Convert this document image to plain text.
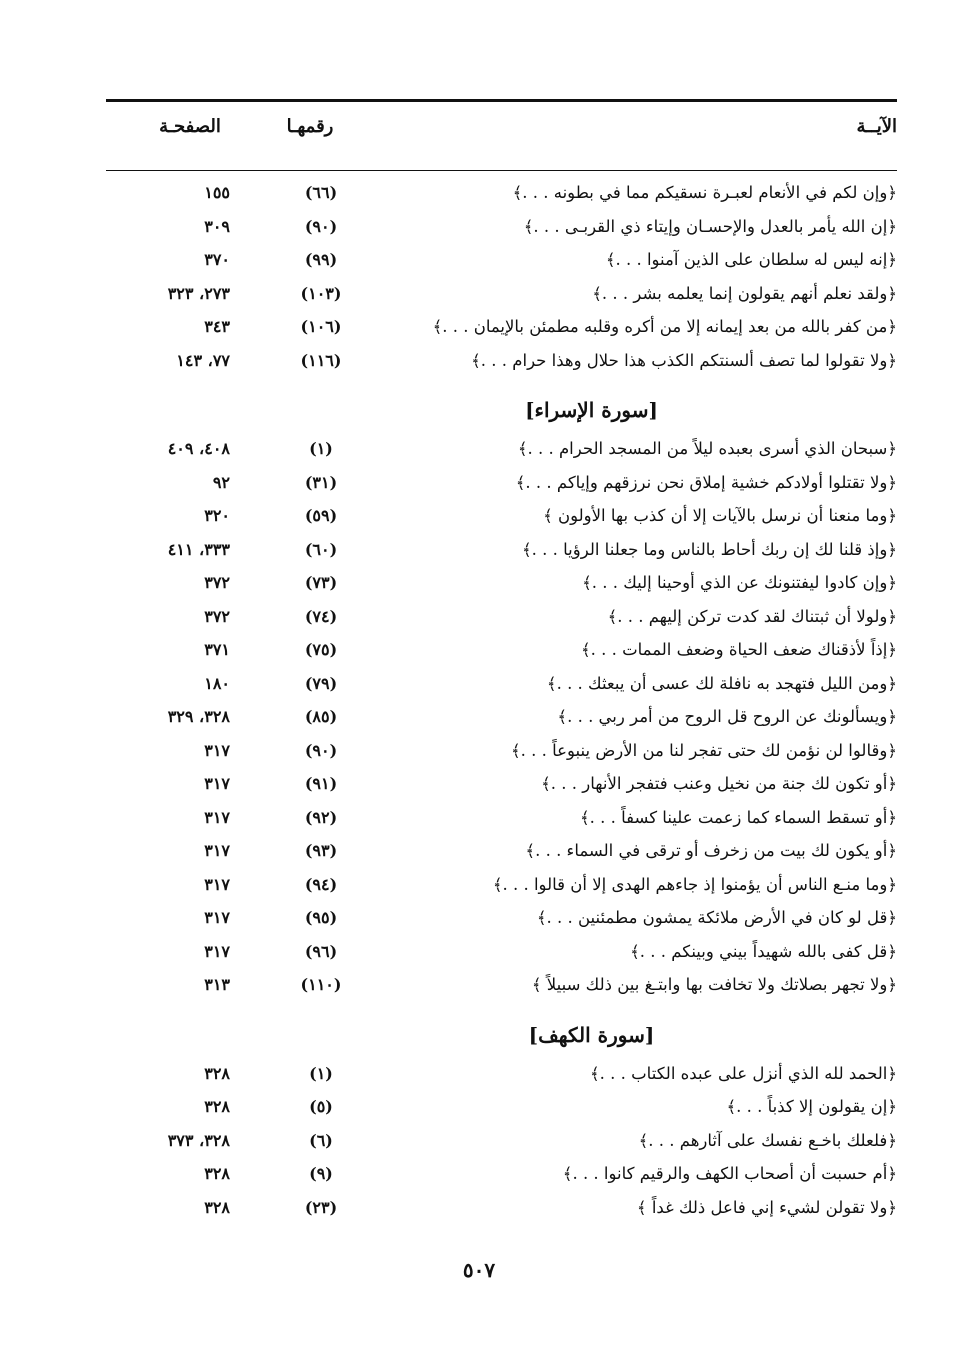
الآيــة
رقمهـا
الصفحـة
﴿وإن لكم في الأنعام لعبـرة نسقيكم مما في بطونه . . .﴾
(٦٦)
١٥٥
﴿إن الله يأمر بالعدل والإحسـان وإيتاء ذي القربـى . . .﴾
(٩٠)
٣٠٩
﴿إنه ليس له سلطان على الذين آمنوا . . .﴾
(٩٩)
٣٧٠
﴿ولقد نعلم أنهم يقولون إنما يعلمه بشر . . .﴾
(١٠٣)
٢٧٣، ٣٢٣
﴿من كفر بالله من بعد إيمانه إلا من أكره وقلبه مطمئن بالإيمان . . .﴾
(١٠٦)
٣٤٣
﴿ولا تقولوا لما تصف ألسنتكم الكذب هذا حلال وهذا حرام . . .﴾
(١١٦)
٧٧، ١٤٣
[سورة الإسراء]
﴿سبحان الذي أسرى بعبده ليلاً من المسجد الحرام . . .﴾
(١)
٤٠٨، ٤٠٩
﴿ولا تقتلوا أولادكم خشية إملاق نحن نرزقهم وإياكم . . .﴾
(٣١)
٩٢
﴿وما منعنا أن نرسل بالآيات إلا أن كذب بها الأولون ﴾
(٥٩)
٣٢٠
﴿وإذ قلنا لك إن ربك أحاط بالناس وما جعلنا الرؤيا . . .﴾
(٦٠)
٣٣٣، ٤١١
﴿وإن كادوا ليفتنونك عن الذي أوحينا إليك . . .﴾
(٧٣)
٣٧٢
﴿ولولا أن ثبتناك لقد كدت تركن إليهم . . .﴾
(٧٤)
٣٧٢
﴿إذاً لأذقناك ضعف الحياة وضعف الممات . . .﴾
(٧٥)
٣٧١
﴿ومن الليل فتهجد به نافلة لك عسى أن يبعثك . . .﴾
(٧٩)
١٨٠
﴿ويسألونك عن الروح قل الروح من أمر ربي . . .﴾
(٨٥)
٣٢٨، ٣٢٩
﴿وقالوا لن نؤمن لك حتى تفجر لنا من الأرض ينبوعاً . . .﴾
(٩٠)
٣١٧
﴿أو تكون لك جنة من نخيل وعنب فتفجر الأنهار . . .﴾
(٩١)
٣١٧
﴿أو تسقط السماء كما زعمت علينا كسفاً . . .﴾
(٩٢)
٣١٧
﴿أو يكون لك بيت من زخرف أو ترقى في السماء . . .﴾
(٩٣)
٣١٧
﴿وما منـع الناس أن يؤمنوا إذ جاءهم الهدى إلا أن قالوا . . .﴾
(٩٤)
٣١٧
﴿قل لو كان في الأرض ملائكة يمشون مطمئنين . . .﴾
(٩٥)
٣١٧
﴿قل كفى بالله شهيداً بيني وبينكم . . .﴾
(٩٦)
٣١٧
﴿ولا تجهر بصلاتك ولا تخافت بها وابتـغ بين ذلك سبيلاً ﴾
(١١٠)
٣١٣
[سورة الكهف]
﴿الحمد لله الذي أنزل على عبده الكتاب . . .﴾
(١)
٣٢٨
﴿إن يقولون إلا كذباً . . .﴾
(٥)
٣٢٨
﴿فلعلك باخـع نفسك على آثارهم . . .﴾
(٦)
٣٢٨، ٣٧٣
﴿أم حسبت أن أصحاب الكهف والرقيم كانوا . . .﴾
(٩)
٣٢٨
﴿ولا تقولن لشيء إني فاعل ذلك غداً ﴾
(٢٣)
٣٢٨
٥٠٧
